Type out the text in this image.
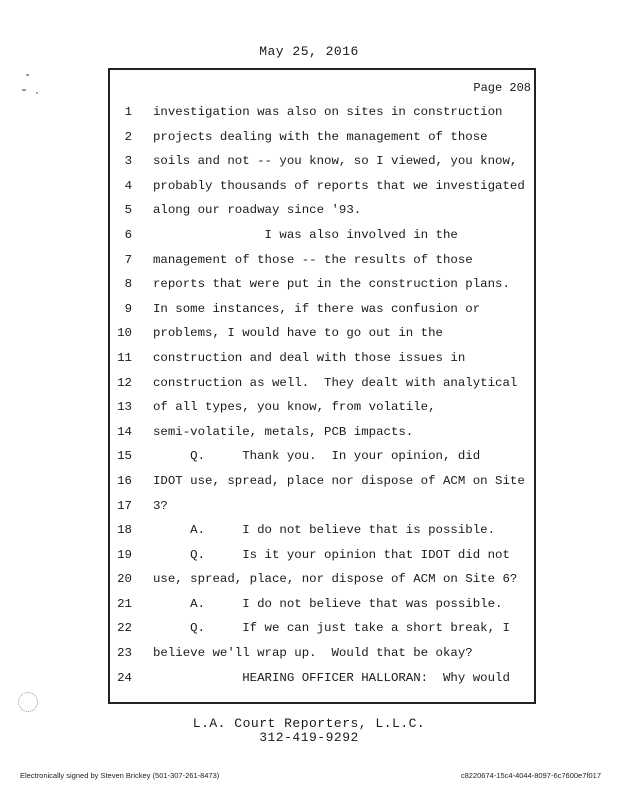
May 25, 2016
Page 208
1 investigation was also on sites in construction
2 projects dealing with the management of those
3 soils and not -- you know, so I viewed, you know,
4 probably thousands of reports that we investigated
5 along our roadway since '93.
6 I was also involved in the
7 management of those -- the results of those
8 reports that were put in the construction plans.
9 In some instances, if there was confusion or
10 problems, I would have to go out in the
11 construction and deal with those issues in
12 construction as well.  They dealt with analytical
13 of all types, you know, from volatile,
14 semi-volatile, metals, PCB impacts.
15 Q.     Thank you.  In your opinion, did
16 IDOT use, spread, place nor dispose of ACM on Site
17 3?
18 A.     I do not believe that is possible.
19 Q.     Is it your opinion that IDOT did not
20 use, spread, place, nor dispose of ACM on Site 6?
21 A.     I do not believe that was possible.
22 Q.     If we can just take a short break, I
23 believe we'll wrap up.  Would that be okay?
24 HEARING OFFICER HALLORAN:  Why would
L.A. Court Reporters, L.L.C.
312-419-9292
Electronically signed by Steven Brickey (501-307-261-8473)	c8220674-15c4-4044-8097-6c7600e7f017
